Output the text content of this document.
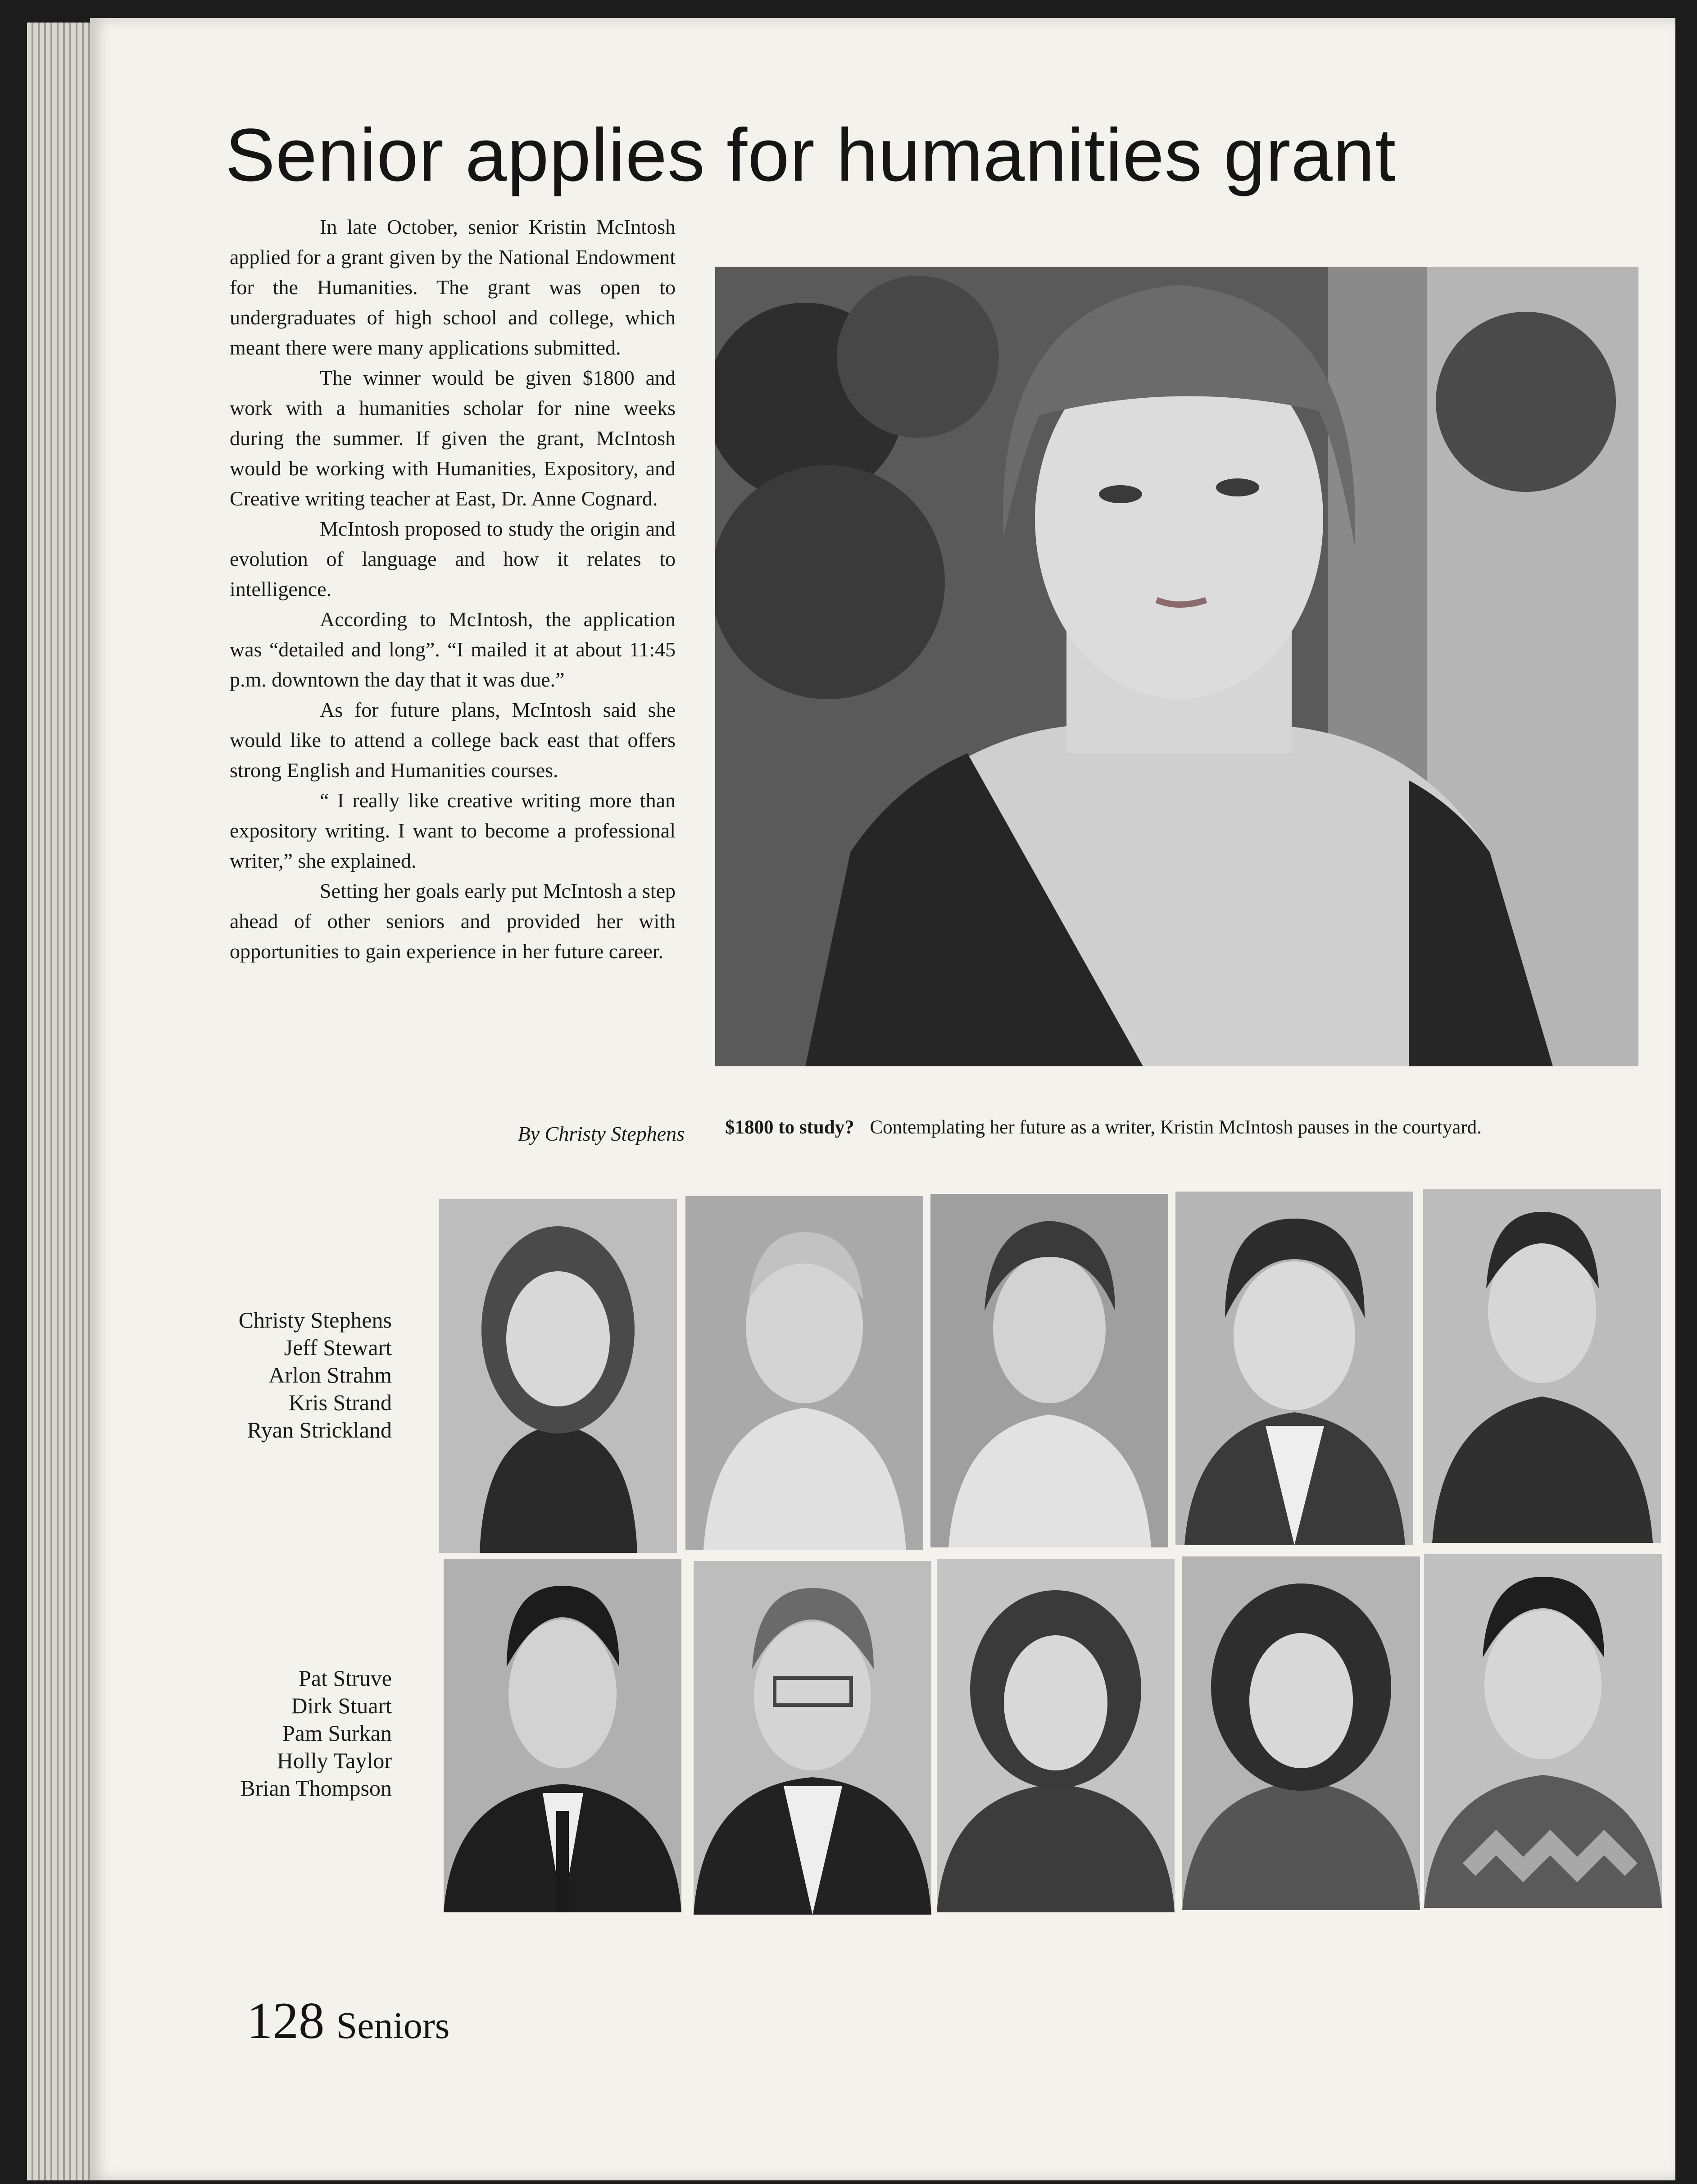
Senior applies for humanities grant

In late October, senior Kristin McIntosh applied for a grant given by the National Endowment for the Humanities. The grant was open to undergraduates of high school and college, which meant there were many applications submitted.

The winner would be given $1800 and work with a humanities scholar for nine weeks during the summer. If given the grant, McIntosh would be working with Humanities, Expository, and Creative writing teacher at East, Dr. Anne Cognard.

McIntosh proposed to study the origin and evolution of language and how it relates to intelligence.

According to McIntosh, the application was “detailed and long”. “I mailed it at about 11:45 p.m. downtown the day that it was due.”

As for future plans, McIntosh said she would like to attend a college back east that offers strong English and Humanities courses.

“ I really like creative writing more than expository writing. I want to become a professional writer,” she explained.

Setting her goals early put McIntosh a step ahead of other seniors and provided her with opportunities to gain experience in her future career.

By Christy Stephens $1800 to study? Contemplating her future as a writer, Kristin McIntosh pauses in the courtyard.
Christy Stephens
Jeff Stewart
Arlon Strahm
Kris Strand
Ryan Strickland
Pat Struve
Dirk Stuart
Pam Surkan
Holly Taylor
Brian Thompson
128 Seniors
